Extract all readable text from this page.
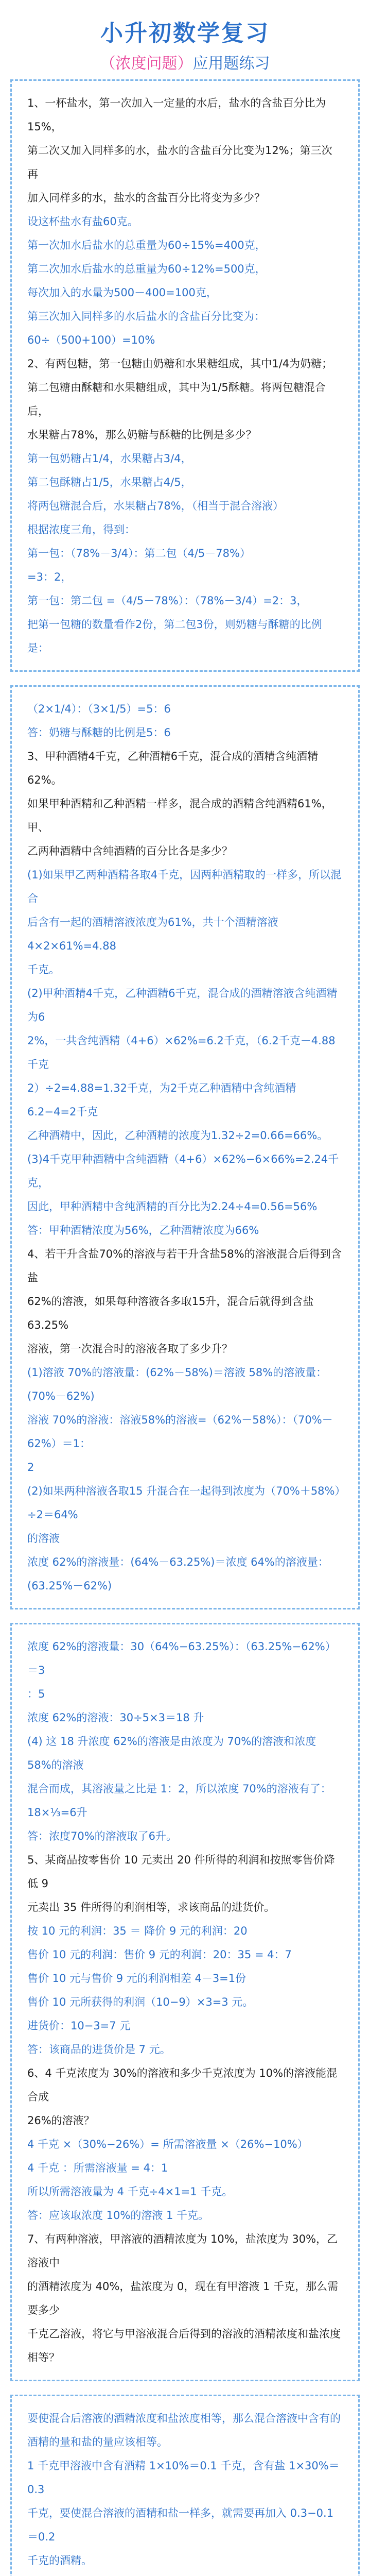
小升初数学复习
（浓度问题）应用题练习

1、一杯盐水，第一次加入一定量的水后，盐水的含盐百分比为15%，

第二次又加入同样多的水，盐水的含盐百分比变为12%；第三次再

加入同样多的水，盐水的含盐百分比将变为多少？

设这杯盐水有盐60克。

第一次加水后盐水的总重量为60÷15%=400克，

第二次加水后盐水的总重量为60÷12%=500克，

每次加入的水量为500－400=100克，

第三次加入同样多的水后盐水的含盐百分比变为：

60÷（500+100）=10%

2、有两包糖，第一包糖由奶糖和水果糖组成，其中1/4为奶糖；

第二包糖由酥糖和水果糖组成，其中为1/5酥糖。将两包糖混合后，

水果糖占78%，那么奶糖与酥糖的比例是多少？

第一包奶糖占1/4，水果糖占3/4，

第二包酥糖占1/5，水果糖占4/5，

将两包糖混合后，水果糖占78%，（相当于混合溶液）

根据浓度三角，得到：

第一包：（78%－3/4）：第二包（4/5－78%）

=3：2，

第一包：第二包 =（4/5－78%）：（78%－3/4）=2：3，

把第一包糖的数量看作2份，第二包3份，则奶糖与酥糖的比例是：

（2×1/4）：（3×1/5）=5：6

答：奶糖与酥糖的比例是5：6

3、甲种酒精4千克，乙种酒精6千克，混合成的酒精含纯酒精62%。

如果甲种酒精和乙种酒精一样多，混合成的酒精含纯酒精61%，甲、

乙两种酒精中含纯酒精的百分比各是多少？

(1)如果甲乙两种酒精各取4千克，因两种酒精取的一样多，所以混合

后含有一起的酒精溶液浓度为61%，共十个酒精溶液4×2×61%=4.88

千克。

(2)甲种酒精4千克，乙种酒精6千克，混合成的酒精溶液含纯酒精为6

2%，一共含纯酒精（4+6）×62%=6.2千克，（6.2千克－4.88千克

2）÷2=4.88=1.32千克，为2千克乙种酒精中含纯酒精6.2−4=2千克

乙种酒精中，因此，乙种酒精的浓度为1.32÷2=0.66=66%。

(3)4千克甲种酒精中含纯酒精（4+6）×62%−6×66%=2.24千克，

因此，甲种酒精中含纯酒精的百分比为2.24÷4=0.56=56%

答：甲种酒精浓度为56%，乙种酒精浓度为66%

4、若干升含盐70%的溶液与若干升含盐58%的溶液混合后得到含盐

62%的溶液，如果每种溶液各多取15升，混合后就得到含盐63.25%

溶液，第一次混合时的溶液各取了多少升？

(1)溶液 70%的溶液量：(62%－58%)＝溶液 58%的溶液量：(70%－62%)

溶液 70%的溶液：溶液58%的溶液=（62%－58%）：（70%－62%）＝1：

2

(2)如果两种溶液各取15 升混合在一起得到浓度为（70%＋58%）÷2＝64%

的溶液

浓度 62%的溶液量：(64%－63.25%)＝浓度 64%的溶液量：(63.25%－62%)

浓度 62%的溶液量：30（64%−63.25%）：（63.25%−62%）＝3

：5

浓度 62%的溶液：30÷5×3＝18 升

(4) 这 18 升浓度 62%的溶液是由浓度为 70%的溶液和浓度 58%的溶液

混合而成，其溶液量之比是 1：2，所以浓度 70%的溶液有了：

18×⅓=6升

答：浓度70%的溶液取了6升。

5、某商品按零售价 10 元卖出 20 件所得的利润和按照零售价降低 9

元卖出 35 件所得的利润相等，求该商品的进货价。

按 10 元的利润：35 ＝ 降价 9 元的利润：20

售价 10 元的利润：售价 9 元的利润：20：35 = 4：7

售价 10 元与售价 9 元的利润相差 4－3=1份

售价 10 元所获得的利润（10−9）×3=3 元。

进货价：10−3=7 元

答：该商品的进货价是 7 元。

6、4 千克浓度为 30%的溶液和多少千克浓度为 10%的溶液能混合成

26%的溶液？

4 千克 ×（30%−26%）= 所需溶液量 ×（26%−10%）

4 千克 ：所需溶液量 = 4：1

所以所需溶液量为 4 千克÷4×1=1 千克。

答：应该取浓度 10%的溶液 1 千克。

7、有两种溶液，甲溶液的酒精浓度为 10%，盐浓度为 30%，乙溶液中

的酒精浓度为 40%，盐浓度为 0，现在有甲溶液 1 千克，那么需要多少

千克乙溶液，将它与甲溶液混合后得到的溶液的酒精浓度和盐浓度相等？

要使混合后溶液的酒精浓度和盐浓度相等，那么混合溶液中含有的

酒精的量和盐的量应该相等。

1 千克甲溶液中含有酒精 1×10%＝0.1 千克，含有盐 1×30%＝0.3

千克，要使混合溶液的酒精和盐一样多，就需要再加入 0.3−0.1＝0.2

千克的酒精。
